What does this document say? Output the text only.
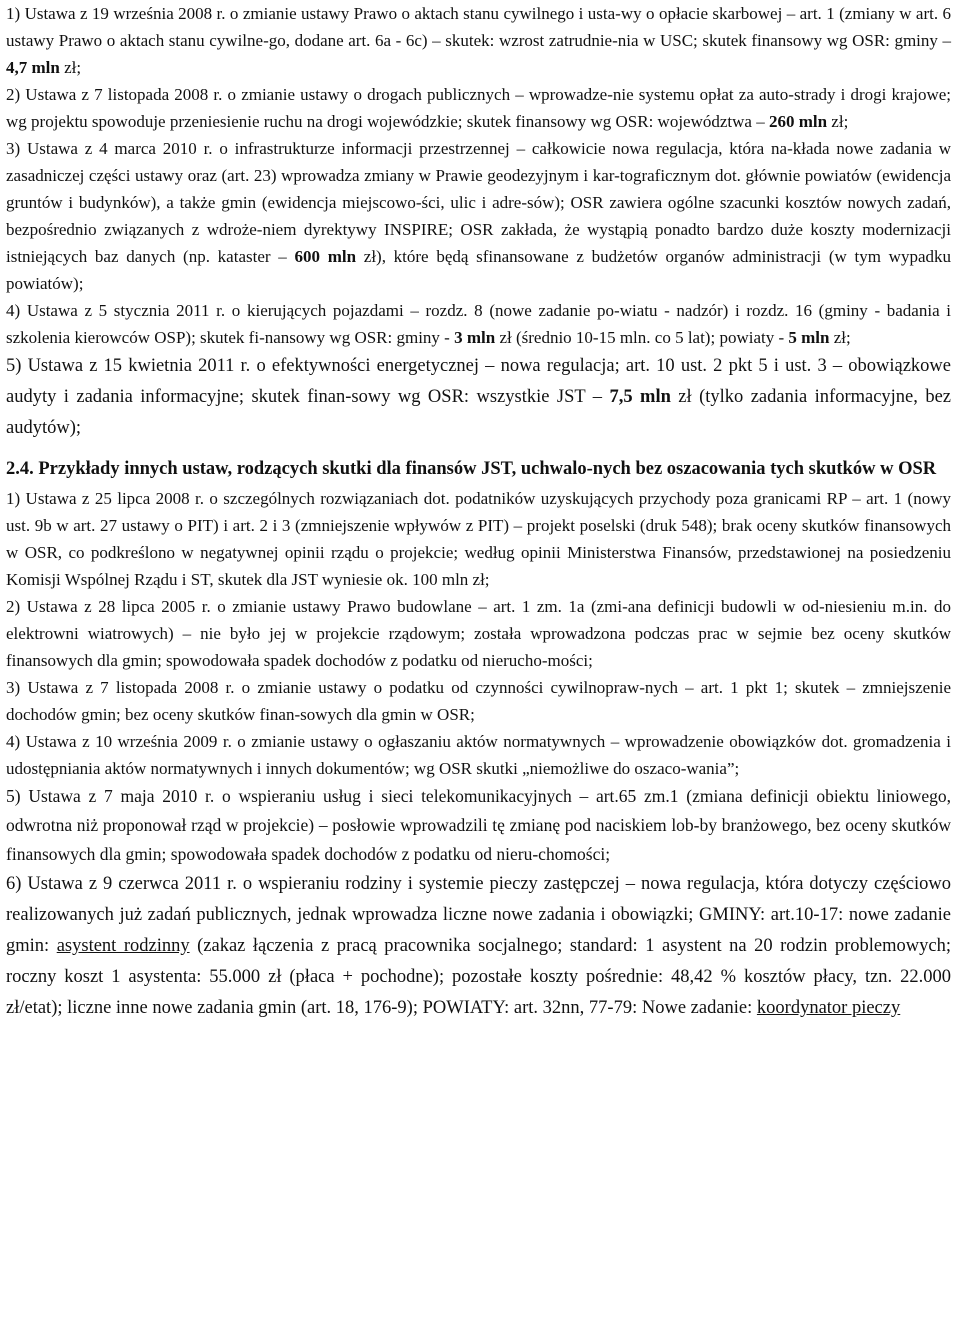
1) Ustawa z 19 września 2008 r. o zmianie ustawy Prawo o aktach stanu cywilnego i usta-wy o opłacie skarbowej – art. 1 (zmiany w art. 6 ustawy Prawo o aktach stanu cywilne-go, dodane art. 6a - 6c) – skutek: wzrost zatrudnie-nia w USC; skutek finansowy wg OSR: gminy – 4,7 mln zł;

2) Ustawa z 7 listopada 2008 r. o zmianie ustawy o drogach publicznych – wprowadze-nie systemu opłat za auto-strady i drogi krajowe; wg projektu spowoduje przeniesienie ruchu na drogi wojewódzkie; skutek finansowy wg OSR: województwa – 260 mln zł;

3) Ustawa z 4 marca 2010 r. o infrastrukturze informacji przestrzennej – całkowicie nowa regulacja, która na-kłada nowe zadania w zasadniczej części ustawy oraz (art. 23) wprowadza zmiany w Prawie geodezyjnym i kar-tograficznym dot. głównie powiatów (ewidencja gruntów i budynków), a także gmin (ewidencja miejscowo-ści, ulic i adre-sów); OSR zawiera ogólne szacunki kosztów nowych zadań, bezpośrednio związanych z wdroże-niem dyrektywy INSPIRE; OSR zakłada, że wystąpią ponadto bardzo duże koszty modernizacji istniejących baz danych (np. kataster – 600 mln zł), które będą sfinansowane z budżetów organów administracji (w tym wypadku powiatów);

4) Ustawa z 5 stycznia 2011 r. o kierujących pojazdami – rozdz. 8 (nowe zadanie po-wiatu - nadzór) i rozdz. 16 (gminy - badania i szkolenia kierowców OSP); skutek fi-nansowy wg OSR: gminy - 3 mln zł (średnio 10-15 mln. co 5 lat); powiaty - 5 mln zł;

5) Ustawa z 15 kwietnia 2011 r. o efektywności energetycznej – nowa regulacja; art. 10 ust. 2 pkt 5 i ust. 3 – obowiązkowe audyty i zadania informacyjne; skutek finan-sowy wg OSR: wszystkie JST – 7,5 mln zł (tylko zadania informacyjne, bez audytów);

2.4. Przykłady innych ustaw, rodzących skutki dla finansów JST, uchwalo-nych bez oszacowania tych skutków w OSR

1) Ustawa z 25 lipca 2008 r. o szczególnych rozwiązaniach dot. podatników uzyskujących przychody poza granicami RP – art. 1 (nowy ust. 9b w art. 27 ustawy o PIT) i art. 2 i 3 (zmniejszenie wpływów z PIT) – projekt poselski (druk 548); brak oceny skutków finansowych w OSR, co podkreślono w negatywnej opinii rządu o projekcie; według opinii Ministerstwa Finansów, przedstawionej na posiedzeniu Komisji Wspólnej Rządu i ST, skutek dla JST wyniesie ok. 100 mln zł;

2) Ustawa z 28 lipca 2005 r. o zmianie ustawy Prawo budowlane – art. 1 zm. 1a (zmi-ana definicji budowli w od-niesieniu m.in. do elektrowni wiatrowych) – nie było jej w projekcie rządowym; została wprowadzona podczas prac w sejmie bez oceny skutków finansowych dla gmin; spowodowała spadek dochodów z podatku od nierucho-mości;

3) Ustawa z 7 listopada 2008 r. o zmianie ustawy o podatku od czynności cywilnopraw-nych – art. 1 pkt 1; skutek – zmniejszenie dochodów gmin; bez oceny skutków finan-sowych dla gmin w OSR;

4) Ustawa z 10 września 2009 r. o zmianie ustawy o ogłaszaniu aktów normatywnych – wprowadzenie obowiązków dot. gromadzenia i udostępniania aktów normatywnych i innych dokumentów; wg OSR skutki „niemożliwe do oszaco-wania”;

5) Ustawa z 7 maja 2010 r. o wspieraniu usług i sieci telekomunikacyjnych – art.65 zm.1 (zmiana definicji obiektu liniowego, odwrotna niż proponował rząd w projekcie) – posłowie wprowadzili tę zmianę pod naciskiem lob-by branżowego, bez oceny skutków finansowych dla gmin; spowodowała spadek dochodów z podatku od nieru-chomości;

6) Ustawa z 9 czerwca 2011 r. o wspieraniu rodziny i systemie pieczy zastępczej – nowa regulacja, która dotyczy częściowo realizowanych już zadań publicznych, jednak wprowadza liczne nowe zadania i obowiązki; GMINY: art.10-17: nowe zadanie gmin: asystent rodzinny (zakaz łączenia z pracą pracownika socjalnego; standard: 1 asystent na 20 rodzin problemowych; roczny koszt 1 asystenta: 55.000 zł (płaca + pochodne); pozostałe koszty pośrednie: 48,42 % kosztów płacy, tzn. 22.000 zł/etat); liczne inne nowe zadania gmin (art. 18, 176-9); POWIATY: art. 32nn, 77-79: Nowe zadanie: koordynator pieczy
